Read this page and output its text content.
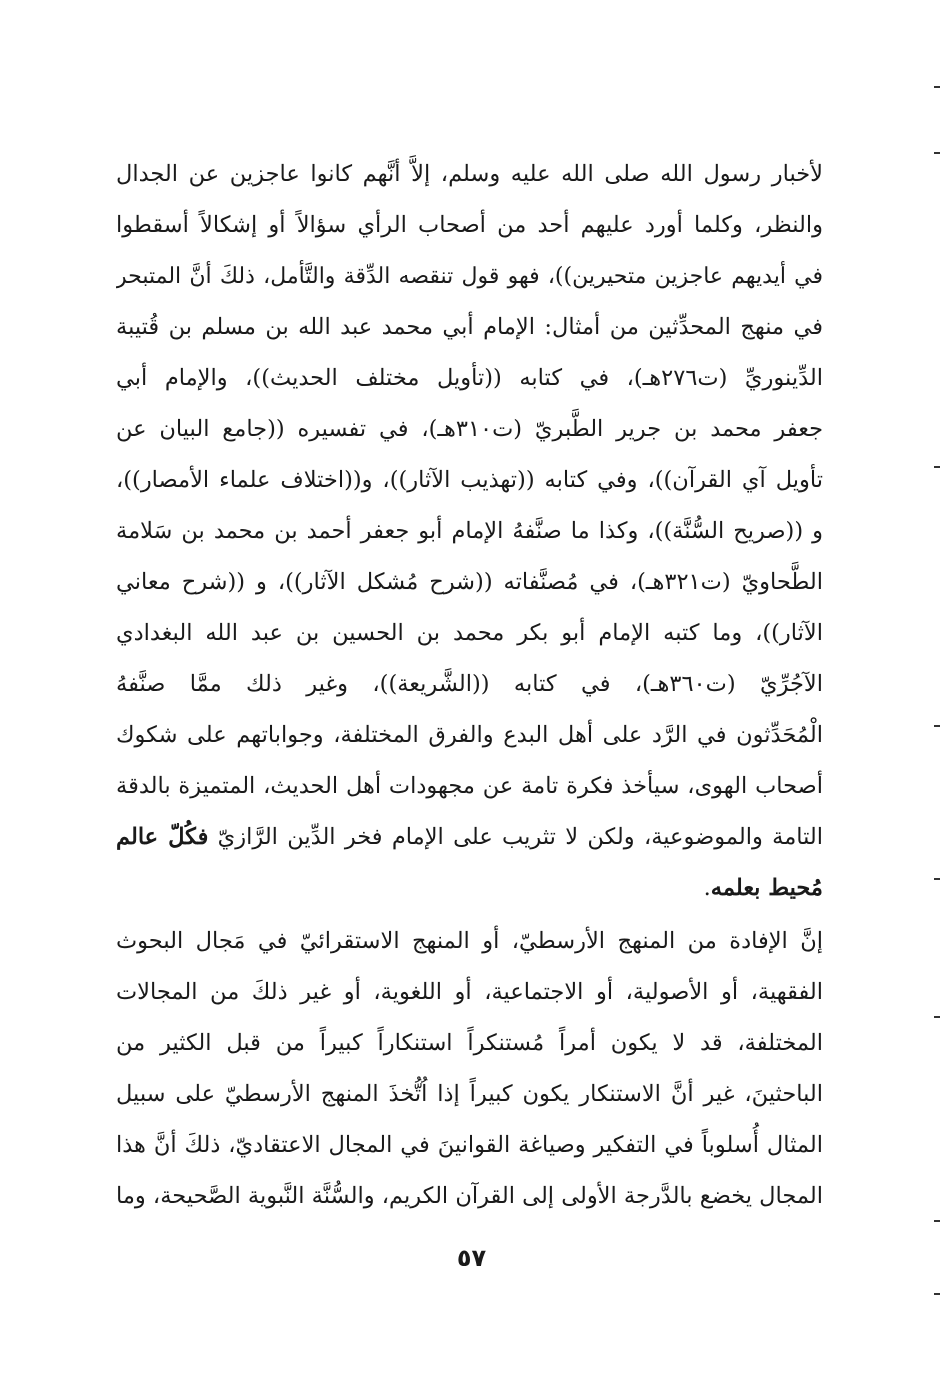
لأخبار رسول الله صلى الله عليه وسلم، إلاَّ أنَّهم كانوا عاجزين عن الجدال
والنظر، وكلما أورد عليهم أحد من أصحاب الرأي سؤالاً أو إشكالاً أسقطوا
في أيديهم عاجزين متحيرين))، فهو قول تنقصه الدِّقة والتَّأمل، ذلكَ أنَّ المتبحر
في منهج المحدِّثين من أمثال: الإمام أبي محمد عبد الله بن مسلم بن قُتيبة
الدِّينوريِّ (ت٢٧٦هـ)، في كتابه ((تأويل مختلف الحديث))، والإمام أبي
جعفر محمد بن جرير الطَّبريّ (ت٣١٠هـ)، في تفسيره ((جامع البيان عن
تأويل آي القرآن))، وفي كتابه ((تهذيب الآثار))، و((اختلاف علماء الأمصار))،
و ((صريح السُّنَّة))، وكذا ما صنَّفهُ الإمام أبو جعفر أحمد بن محمد بن سَلامة
الطَّحاويّ (ت٣٢١هـ)، في مُصنَّفاته ((شرح مُشكل الآثار))، و ((شرح معاني
الآثار))، وما كتبه الإمام أبو بكر محمد بن الحسين بن عبد الله البغدادي
الآجُرِّيّ (ت٣٦٠هـ)، في كتابه ((الشَّريعة))، وغير ذلك ممَّا صنَّفهُ
الْمُحَدِّثون في الرَّد على أهل البدع والفرق المختلفة، وجواباتهم على شكوك
أصحاب الهوى، سيأخذ فكرة تامة عن مجهودات أهل الحديث، المتميزة بالدقة
التامة والموضوعية، ولكن لا تثريب على الإمام فخر الدِّين الرَّازيّ فكُلّ عالم
مُحيط بعلمه.
إنَّ الإفادة من المنهج الأرسطيّ، أو المنهج الاستقرائيّ في مَجال البحوث
الفقهية، أو الأصولية، أو الاجتماعية، أو اللغوية، أو غير ذلكَ من المجالات
المختلفة، قد لا يكون أمراً مُستنكراً استنكاراً كبيراً من قبل الكثير من
الباحثينَ، غير أنَّ الاستنكار يكون كبيراً إذا اُتُّخذَ المنهج الأرسطيّ على سبيل
المثال أُسلوباً في التفكير وصياغة القوانينَ في المجال الاعتقاديّ، ذلكَ أنَّ هذا
المجال يخضع بالدَّرجة الأولى إلى القرآن الكريم، والسُّنَّة النَّبوية الصَّحيحة، وما
٥٧
